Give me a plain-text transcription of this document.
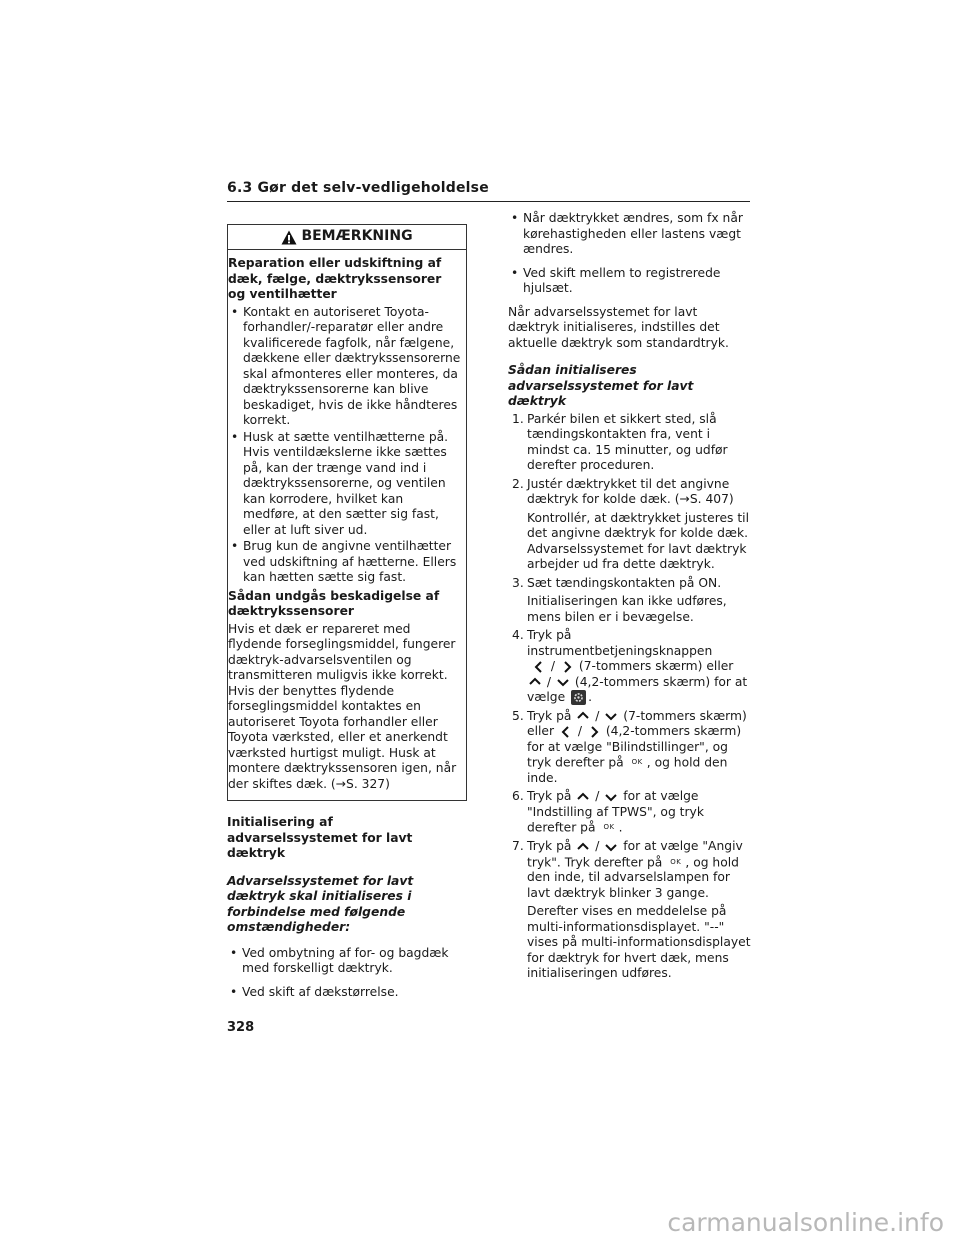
6.3 Gør det selv-vedligeholdelse
BEMÆRKNING
Reparation eller udskiftning af dæk, fælge, dæktrykssensorer og ventilhætter
• Kontakt en autoriseret Toyota-forhandler/-reparatør eller andre kvalificerede fagfolk, når fælgene, dækkene eller dæktrykssensorerne skal afmonteres eller monteres, da dæktrykssensorerne kan blive beskadiget, hvis de ikke håndteres korrekt.
• Husk at sætte ventilhætterne på. Hvis ventildækslerne ikke sættes på, kan der trænge vand ind i dæktrykssensorerne, og ventilen kan korrodere, hvilket kan medføre, at den sætter sig fast, eller at luft siver ud.
• Brug kun de angivne ventilhætter ved udskiftning af hætterne. Ellers kan hætten sætte sig fast.
Sådan undgås beskadigelse af dæktrykssensorer
Hvis et dæk er repareret med flydende forseglingsmiddel, fungerer dæktryk-advarselsventilen og transmitteren muligvis ikke korrekt. Hvis der benyttes flydende forseglingsmiddel kontaktes en autoriseret Toyota forhandler eller Toyota værksted, eller et anerkendt værksted hurtigst muligt. Husk at montere dæktrykssensoren igen, når der skiftes dæk. (→S. 327)
Initialisering af advarselssystemet for lavt dæktryk
Advarselssystemet for lavt dæktryk skal initialiseres i forbindelse med følgende omstændigheder:
• Ved ombytning af for- og bagdæk med forskelligt dæktryk.
• Ved skift af dækstørrelse.
• Når dæktrykket ændres, som fx når kørehastigheden eller lastens vægt ændres.
• Ved skift mellem to registrerede hjulsæt.
Når advarselssystemet for lavt dæktryk initialiseres, indstilles det aktuelle dæktryk som standardtryk.
Sådan initialiseres advarselssystemet for lavt dæktryk
1. Parkér bilen et sikkert sted, slå tændingskontakten fra, vent i mindst ca. 15 minutter, og udfør derefter proceduren.
2. Justér dæktrykket til det angivne dæktryk for kolde dæk. (→S. 407)
Kontrollér, at dæktrykket justeres til det angivne dæktryk for kolde dæk. Advarselssystemet for lavt dæktryk arbejder ud fra dette dæktryk.
3. Sæt tændingskontakten på ON.
Initialiseringen kan ikke udføres, mens bilen er i bevægelse.
4. Tryk på instrumentbetjeningsknappen
/ (7-tommers skærm) eller
/ (4,2-tommers skærm) for at vælge .
5. Tryk på / (7-tommers skærm) eller / (4,2-tommers skærm) for at vælge "Bilindstillinger", og tryk derefter på OK , og hold den inde.
6. Tryk på / for at vælge "Indstilling af TPWS", og tryk derefter på OK .
7. Tryk på / for at vælge "Angiv tryk". Tryk derefter på OK , og hold den inde, til advarselslampen for lavt dæktryk blinker 3 gange.
Derefter vises en meddelelse på multi-informationsdisplayet. "--" vises på multi-informationsdisplayet for dæktryk for hvert dæk, mens initialiseringen udføres.
328
carmanualsonline.info
